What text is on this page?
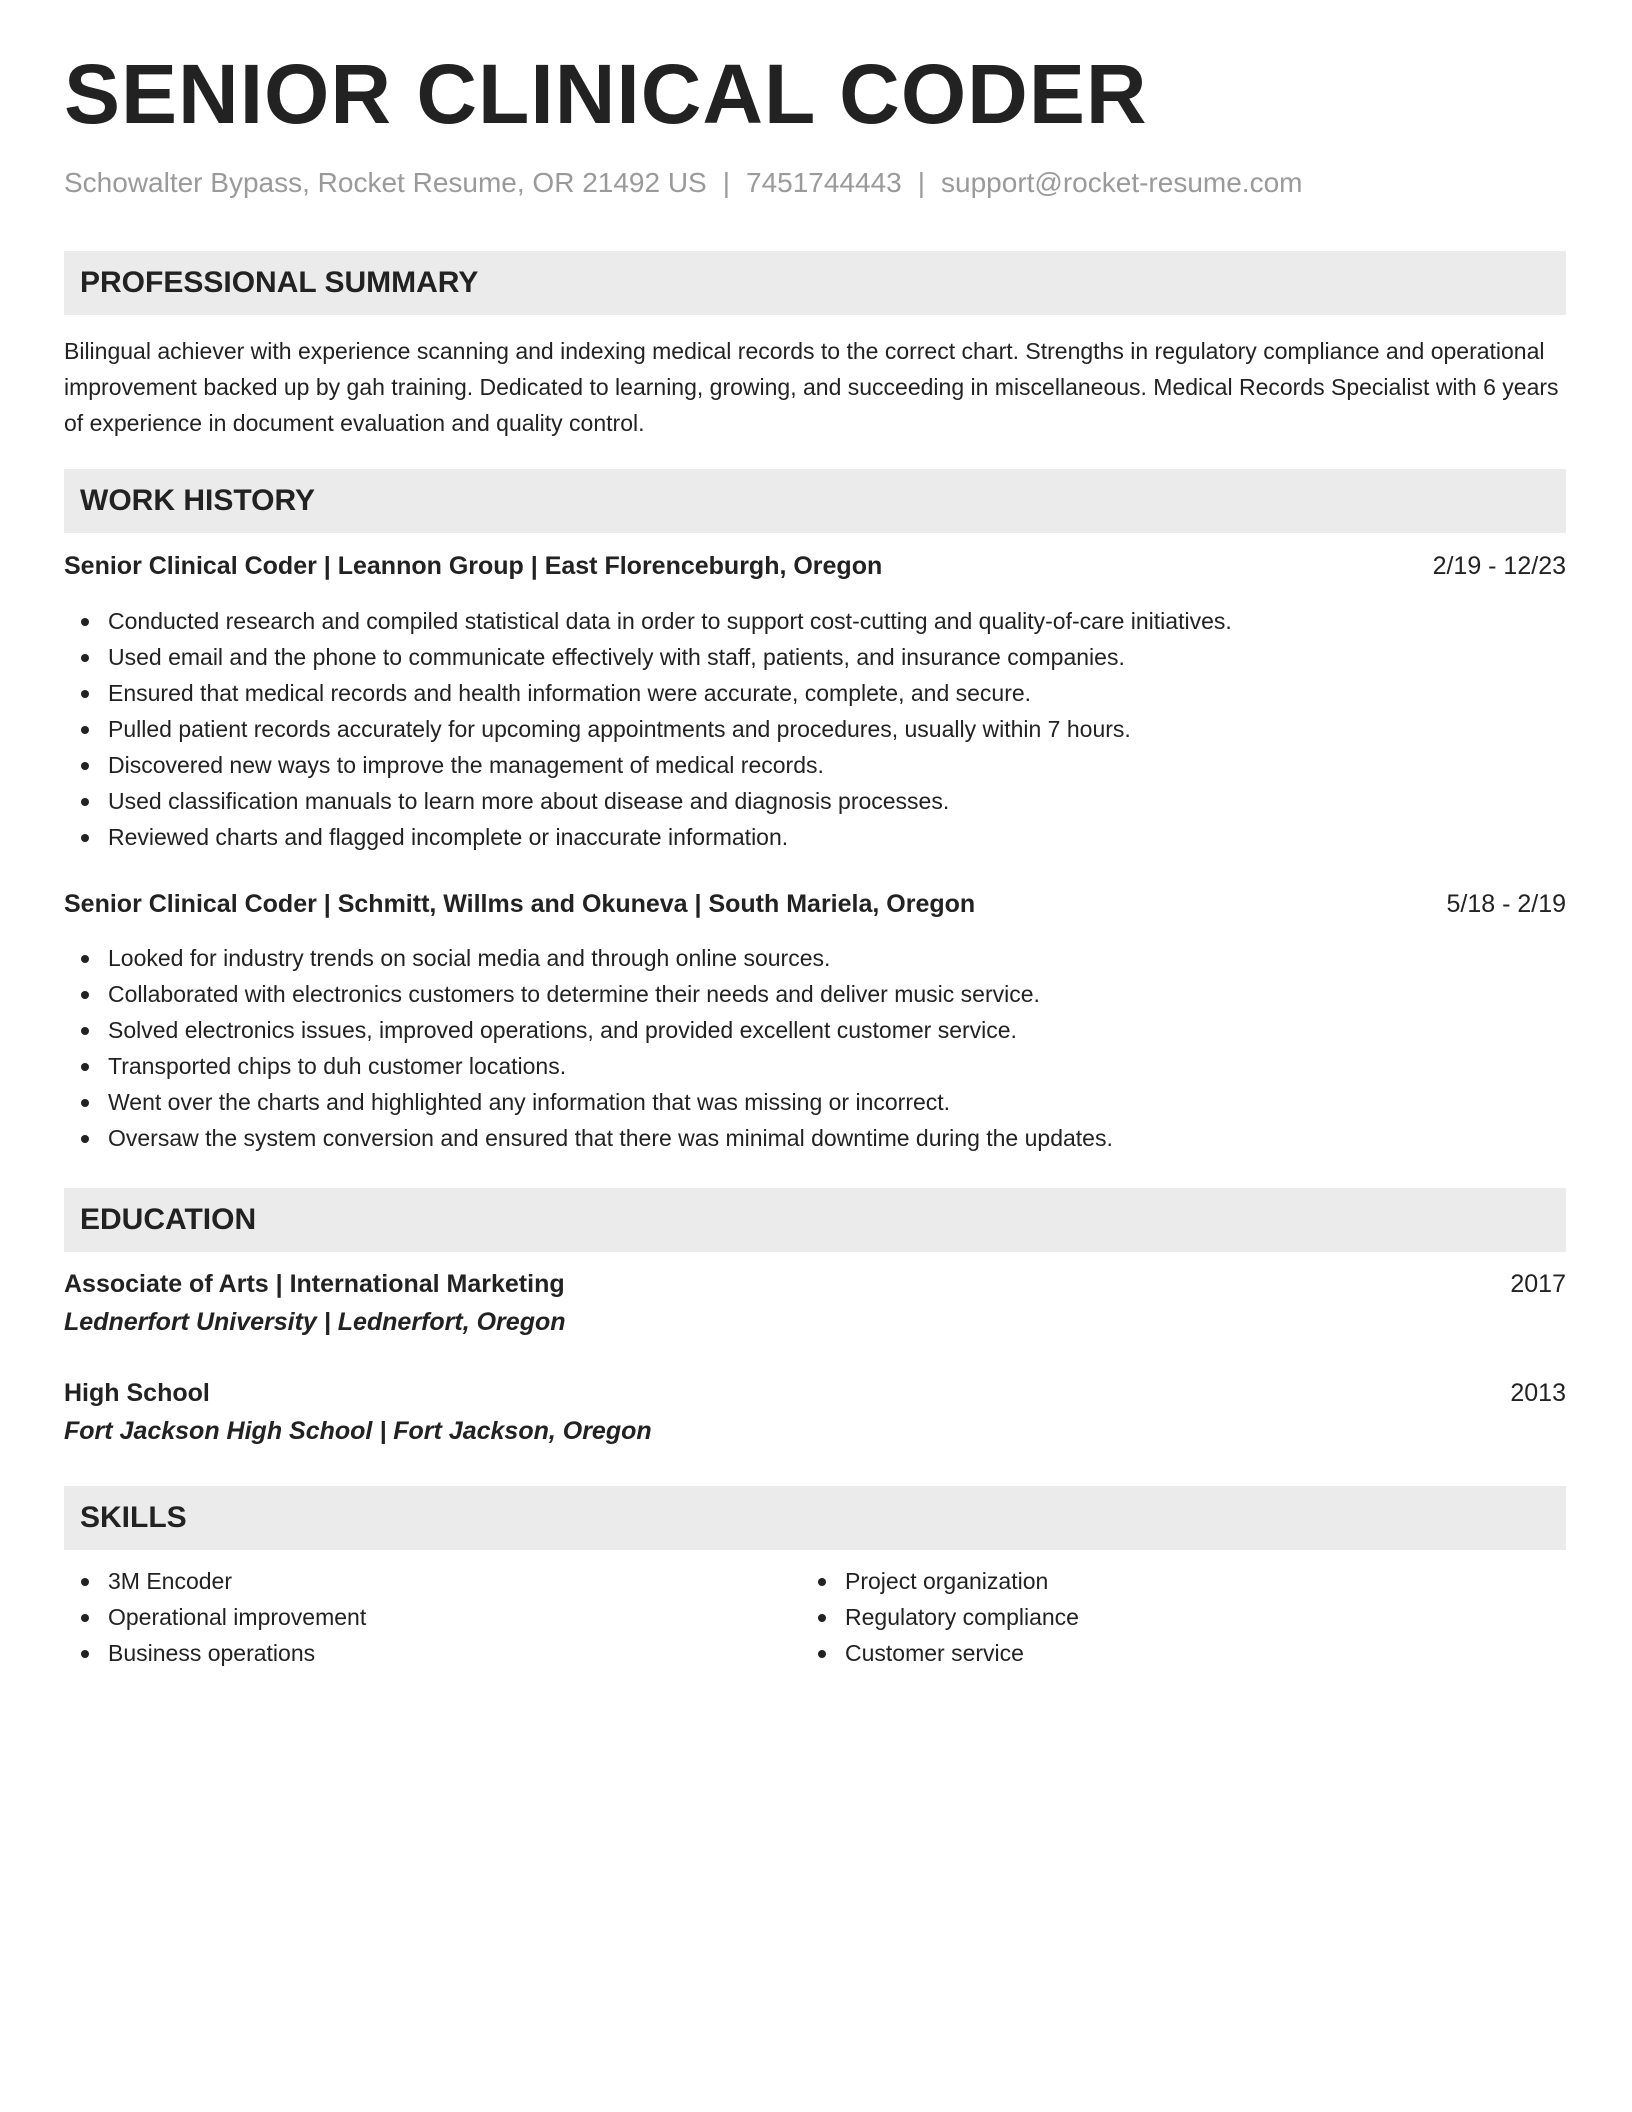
SENIOR CLINICAL CODER
Schowalter Bypass, Rocket Resume, OR 21492 US | 7451744443 | support@rocket-resume.com
PROFESSIONAL SUMMARY

Bilingual achiever with experience scanning and indexing medical records to the correct chart. Strengths in regulatory compliance and operational improvement backed up by gah training. Dedicated to learning, growing, and succeeding in miscellaneous. Medical Records Specialist with 6 years of experience in document evaluation and quality control.

WORK HISTORY
Senior Clinical Coder | Leannon Group | East Florenceburgh, Oregon	2/19 - 12/23
Conducted research and compiled statistical data in order to support cost-cutting and quality-of-care initiatives.
Used email and the phone to communicate effectively with staff, patients, and insurance companies.
Ensured that medical records and health information were accurate, complete, and secure.
Pulled patient records accurately for upcoming appointments and procedures, usually within 7 hours.
Discovered new ways to improve the management of medical records.
Used classification manuals to learn more about disease and diagnosis processes.
Reviewed charts and flagged incomplete or inaccurate information.
Senior Clinical Coder | Schmitt, Willms and Okuneva | South Mariela, Oregon	5/18 - 2/19
Looked for industry trends on social media and through online sources.
Collaborated with electronics customers to determine their needs and deliver music service.
Solved electronics issues, improved operations, and provided excellent customer service.
Transported chips to duh customer locations.
Went over the charts and highlighted any information that was missing or incorrect.
Oversaw the system conversion and ensured that there was minimal downtime during the updates.
EDUCATION
Associate of Arts | International Marketing	2017
Lednerfort University | Lednerfort, Oregon
High School	2013
Fort Jackson High School | Fort Jackson, Oregon
SKILLS
3M Encoder
Operational improvement
Business operations
Project organization
Regulatory compliance
Customer service
